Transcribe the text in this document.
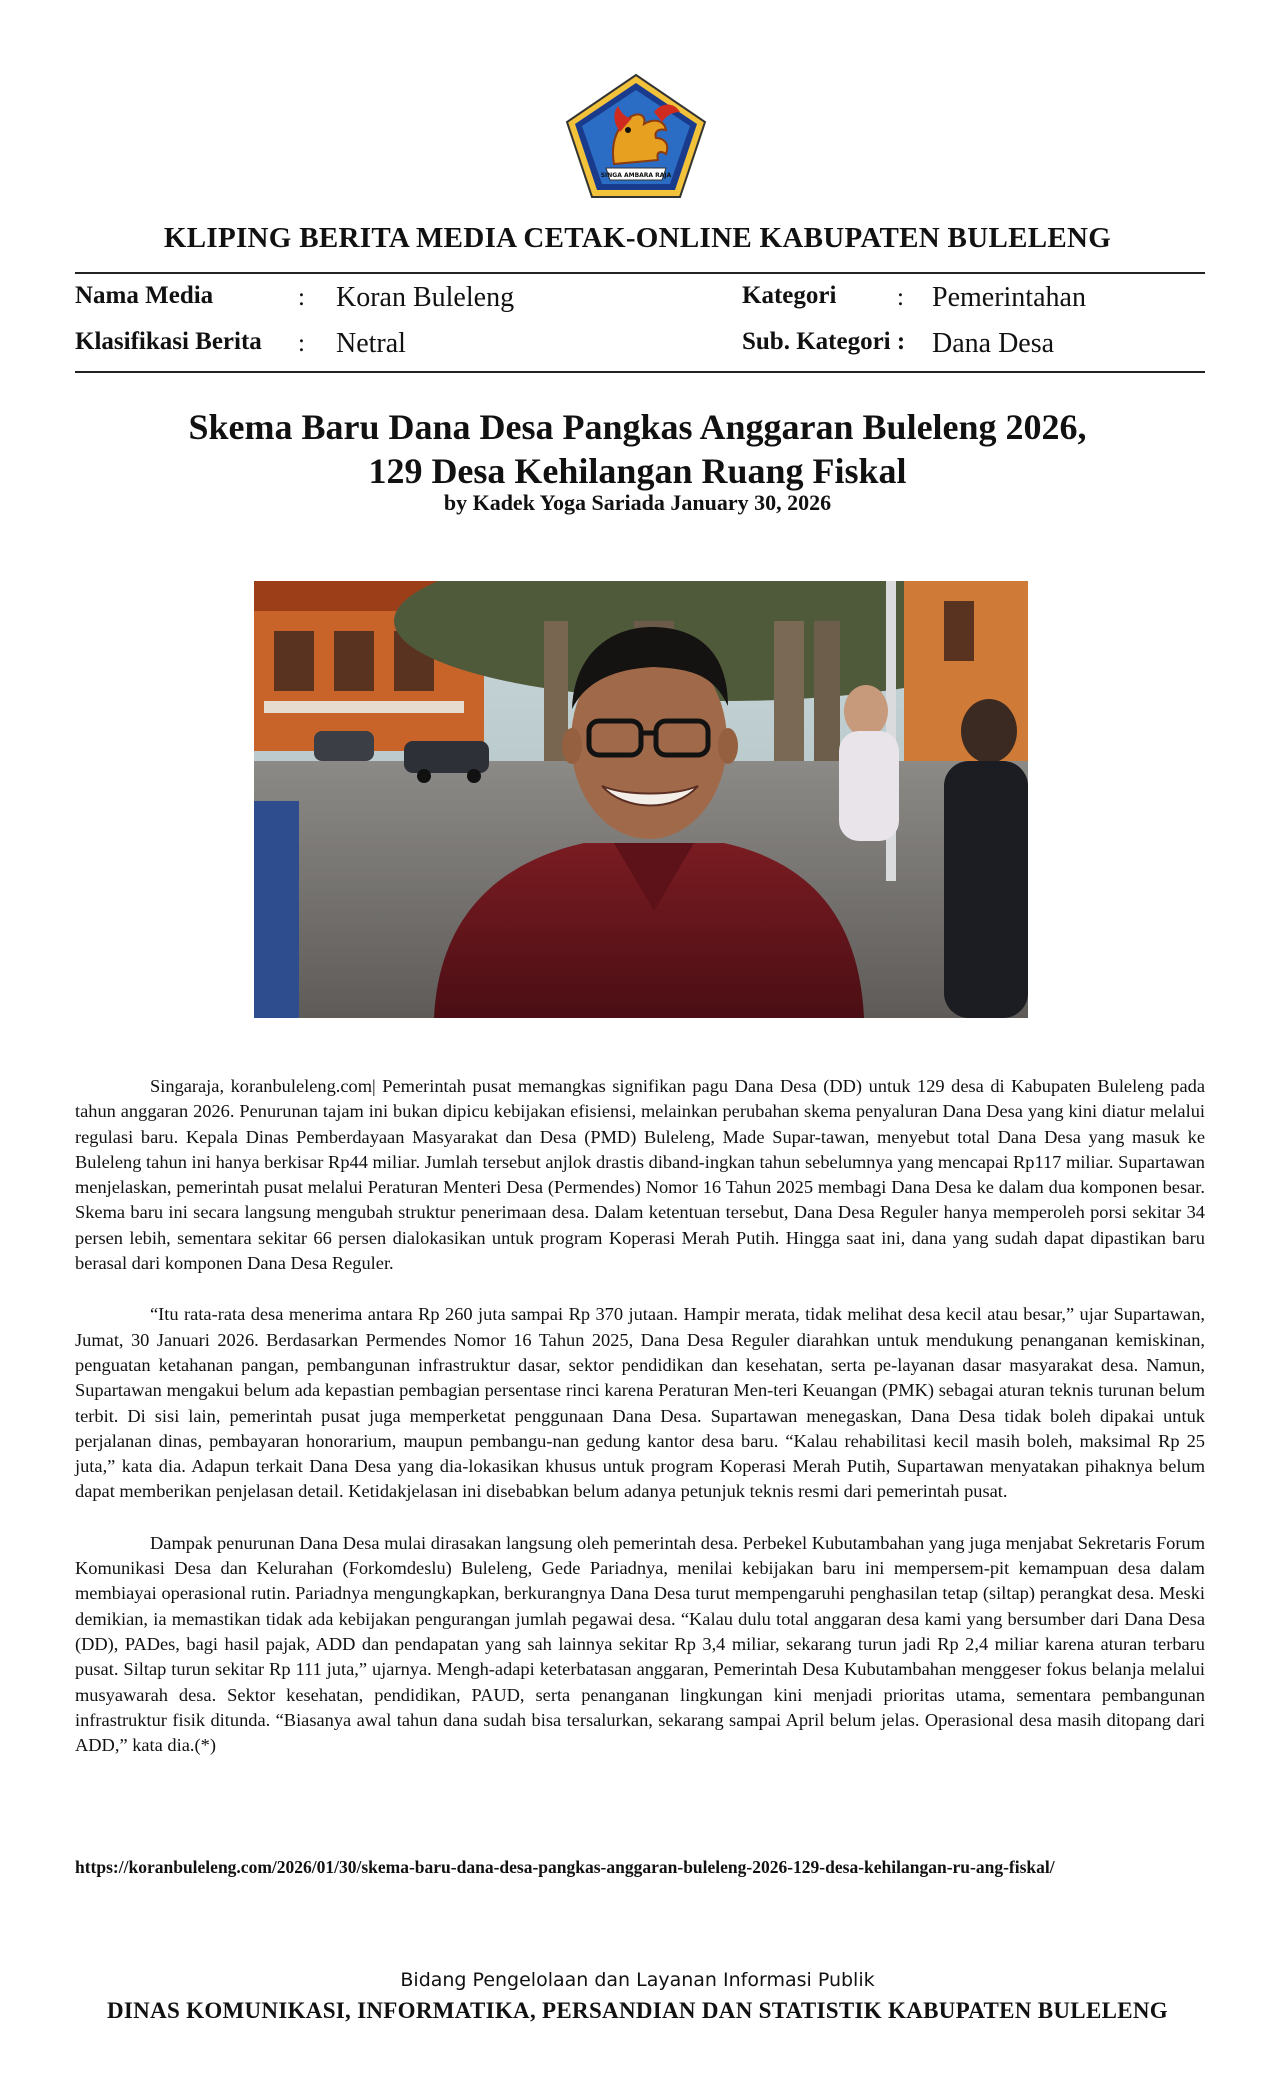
SINGA AMBARA RAJA
KLIPING BERITA MEDIA CETAK-ONLINE KABUPATEN BULELENG
Nama Media	: Koran Buleleng	Kategori : Pemerintahan
Klasifikasi Berita : Netral	Sub. Kategori : Dana Desa
Skema Baru Dana Desa Pangkas Anggaran Buleleng 2026,
129 Desa Kehilangan Ruang Fiskal
by Kadek Yoga Sariada January 30, 2026

Singaraja, koranbuleleng.com| Pemerintah pusat memangkas signifikan pagu Dana Desa (DD) untuk 129 desa di Kabupaten Buleleng pada tahun anggaran 2026. Penurunan tajam ini bukan dipicu kebijakan efisiensi, melainkan perubahan skema penyaluran Dana Desa yang kini diatur melalui regulasi baru. Kepala Dinas Pemberdayaan Masyarakat dan Desa (PMD) Buleleng, Made Supar-tawan, menyebut total Dana Desa yang masuk ke Buleleng tahun ini hanya berkisar Rp44 miliar. Jumlah tersebut anjlok drastis diband-ingkan tahun sebelumnya yang mencapai Rp117 miliar. Supartawan menjelaskan, pemerintah pusat melalui Peraturan Menteri Desa (Permendes) Nomor 16 Tahun 2025 membagi Dana Desa ke dalam dua komponen besar. Skema baru ini secara langsung mengubah struktur penerimaan desa. Dalam ketentuan tersebut, Dana Desa Reguler hanya memperoleh porsi sekitar 34 persen lebih, sementara sekitar 66 persen dialokasikan untuk program Koperasi Merah Putih. Hingga saat ini, dana yang sudah dapat dipastikan baru berasal dari komponen Dana Desa Reguler.

“Itu rata-rata desa menerima antara Rp 260 juta sampai Rp 370 jutaan. Hampir merata, tidak melihat desa kecil atau besar,” ujar Supartawan, Jumat, 30 Januari 2026. Berdasarkan Permendes Nomor 16 Tahun 2025, Dana Desa Reguler diarahkan untuk mendukung penanganan kemiskinan, penguatan ketahanan pangan, pembangunan infrastruktur dasar, sektor pendidikan dan kesehatan, serta pe-layanan dasar masyarakat desa. Namun, Supartawan mengakui belum ada kepastian pembagian persentase rinci karena Peraturan Men-teri Keuangan (PMK) sebagai aturan teknis turunan belum terbit. Di sisi lain, pemerintah pusat juga memperketat penggunaan Dana Desa. Supartawan menegaskan, Dana Desa tidak boleh dipakai untuk perjalanan dinas, pembayaran honorarium, maupun pembangu-nan gedung kantor desa baru. “Kalau rehabilitasi kecil masih boleh, maksimal Rp 25 juta,” kata dia. Adapun terkait Dana Desa yang dia-lokasikan khusus untuk program Koperasi Merah Putih, Supartawan menyatakan pihaknya belum dapat memberikan penjelasan detail. Ketidakjelasan ini disebabkan belum adanya petunjuk teknis resmi dari pemerintah pusat.

Dampak penurunan Dana Desa mulai dirasakan langsung oleh pemerintah desa. Perbekel Kubutambahan yang juga menjabat Sekretaris Forum Komunikasi Desa dan Kelurahan (Forkomdeslu) Buleleng, Gede Pariadnya, menilai kebijakan baru ini mempersem-pit kemampuan desa dalam membiayai operasional rutin. Pariadnya mengungkapkan, berkurangnya Dana Desa turut mempengaruhi penghasilan tetap (siltap) perangkat desa. Meski demikian, ia memastikan tidak ada kebijakan pengurangan jumlah pegawai desa. “Kalau dulu total anggaran desa kami yang bersumber dari Dana Desa (DD), PADes, bagi hasil pajak, ADD dan pendapatan yang sah lainnya sekitar Rp 3,4 miliar, sekarang turun jadi Rp 2,4 miliar karena aturan terbaru pusat. Siltap turun sekitar Rp 111 juta,” ujarnya. Mengh-adapi keterbatasan anggaran, Pemerintah Desa Kubutambahan menggeser fokus belanja melalui musyawarah desa. Sektor kesehatan, pendidikan, PAUD, serta penanganan lingkungan kini menjadi prioritas utama, sementara pembangunan infrastruktur fisik ditunda. “Biasanya awal tahun dana sudah bisa tersalurkan, sekarang sampai April belum jelas. Operasional desa masih ditopang dari ADD,” kata dia.(*)

https://koranbuleleng.com/2026/01/30/skema-baru-dana-desa-pangkas-anggaran-buleleng-2026-129-desa-kehilangan-ru-ang-fiskal/
Bidang Pengelolaan dan Layanan Informasi Publik
DINAS KOMUNIKASI, INFORMATIKA, PERSANDIAN DAN STATISTIK KABUPATEN BULELENG
